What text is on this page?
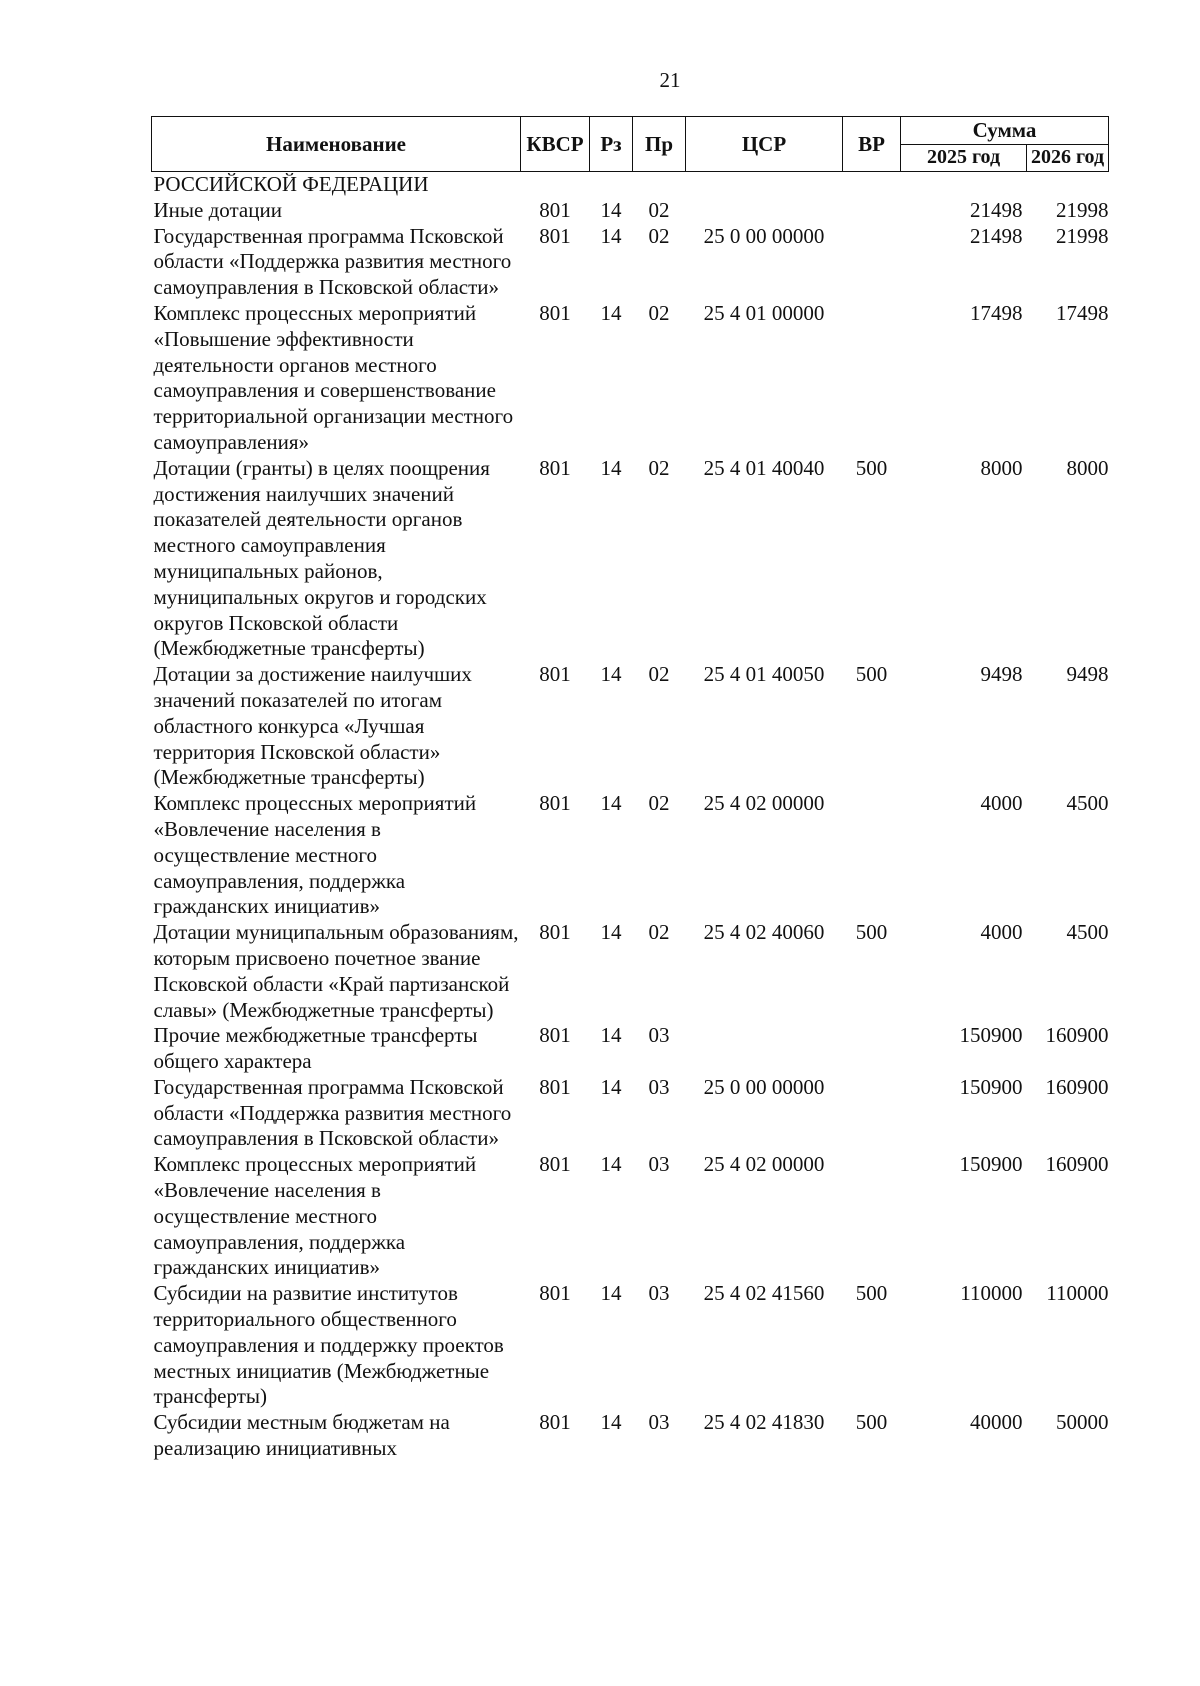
21
Наименование	КВСР	Рз	Пр	ЦСР	ВР	Сумма	
						2025 год	2026 год
РОССИЙСКОЙ ФЕДЕРАЦИИ							
Иные дотации	801	14	02			21498	21998
Государственная программа Псковской области «Поддержка развития местного самоуправления в Псковской области»	801	14	02	25 0 00 00000		21498	21998
Комплекс процессных мероприятий «Повышение эффективности деятельности органов местного самоуправления и совершенствование территориальной организации местного самоуправления»	801	14	02	25 4 01 00000		17498	17498
Дотации (гранты) в целях поощрения достижения наилучших значений показателей деятельности органов местного самоуправления муниципальных районов, муниципальных округов и городских округов Псковской области (Межбюджетные трансферты)	801	14	02	25 4 01 40040	500	8000	8000
Дотации за достижение наилучших значений показателей по итогам областного конкурса «Лучшая территория Псковской области» (Межбюджетные трансферты)	801	14	02	25 4 01 40050	500	9498	9498
Комплекс процессных мероприятий «Вовлечение населения в осуществление местного самоуправления, поддержка гражданских инициатив»	801	14	02	25 4 02 00000		4000	4500
Дотации муниципальным образованиям, которым присвоено почетное звание Псковской области «Край партизанской славы» (Межбюджетные трансферты)	801	14	02	25 4 02 40060	500	4000	4500
Прочие межбюджетные трансферты общего характера	801	14	03			150900	160900
Государственная программа Псковской области «Поддержка развития местного самоуправления в Псковской области»	801	14	03	25 0 00 00000		150900	160900
Комплекс процессных мероприятий «Вовлечение населения в осуществление местного самоуправления, поддержка гражданских инициатив»	801	14	03	25 4 02 00000		150900	160900
Субсидии на развитие институтов территориального общественного самоуправления и поддержку проектов местных инициатив (Межбюджетные трансферты)	801	14	03	25 4 02 41560	500	110000	110000
Субсидии местным бюджетам на реализацию инициативных	801	14	03	25 4 02 41830	500	40000	50000
